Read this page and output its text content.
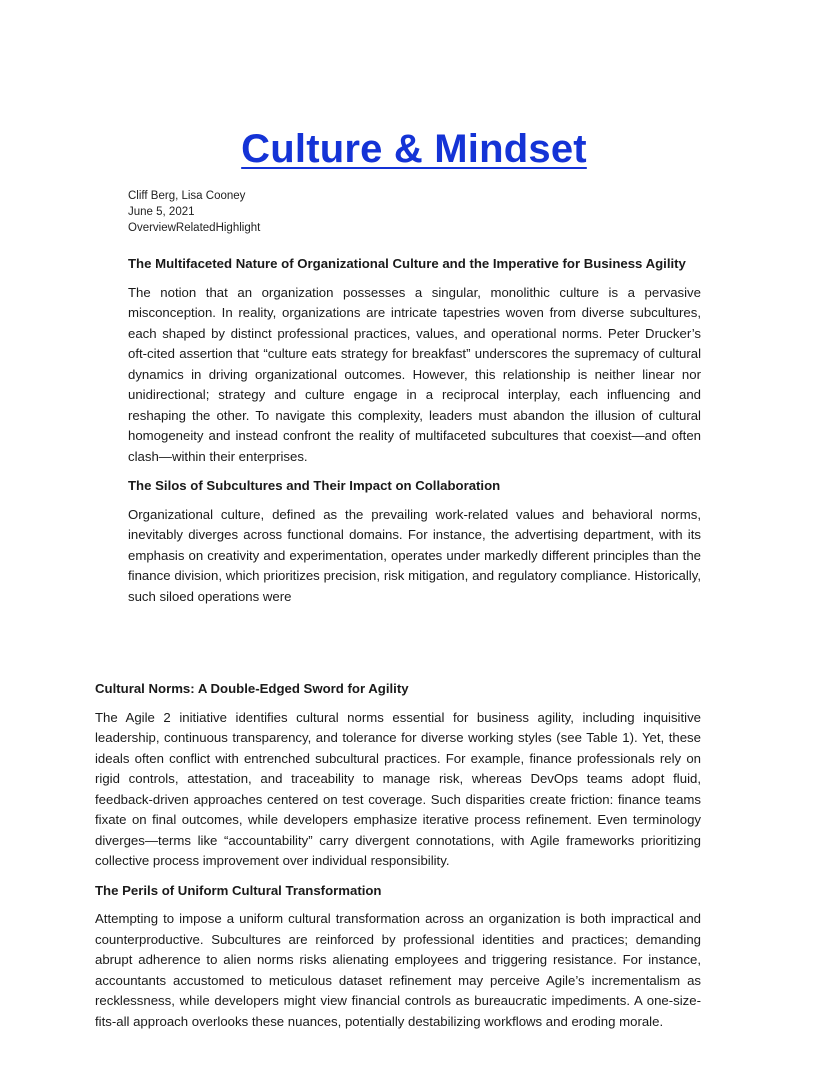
Culture & Mindset
Cliff Berg, Lisa Cooney
June 5, 2021
OverviewRelatedHighlight
The Multifaceted Nature of Organizational Culture and the Imperative for Business Agility

The notion that an organization possesses a singular, monolithic culture is a pervasive misconception. In reality, organizations are intricate tapestries woven from diverse subcultures, each shaped by distinct professional practices, values, and operational norms. Peter Drucker’s oft-cited assertion that “culture eats strategy for breakfast” underscores the supremacy of cultural dynamics in driving organizational outcomes. However, this relationship is neither linear nor unidirectional; strategy and culture engage in a reciprocal interplay, each influencing and reshaping the other. To navigate this complexity, leaders must abandon the illusion of cultural homogeneity and instead confront the reality of multifaceted subcultures that coexist—and often clash—within their enterprises.

The Silos of Subcultures and Their Impact on Collaboration

Organizational culture, defined as the prevailing work-related values and behavioral norms, inevitably diverges across functional domains. For instance, the advertising department, with its emphasis on creativity and experimentation, operates under markedly different principles than the finance division, which prioritizes precision, risk mitigation, and regulatory compliance. Historically, such siloed operations were

Cultural Norms: A Double-Edged Sword for Agility

The Agile 2 initiative identifies cultural norms essential for business agility, including inquisitive leadership, continuous transparency, and tolerance for diverse working styles (see Table 1). Yet, these ideals often conflict with entrenched subcultural practices. For example, finance professionals rely on rigid controls, attestation, and traceability to manage risk, whereas DevOps teams adopt fluid, feedback-driven approaches centered on test coverage. Such disparities create friction: finance teams fixate on final outcomes, while developers emphasize iterative process refinement. Even terminology diverges—terms like “accountability” carry divergent connotations, with Agile frameworks prioritizing collective process improvement over individual responsibility.

The Perils of Uniform Cultural Transformation

Attempting to impose a uniform cultural transformation across an organization is both impractical and counterproductive. Subcultures are reinforced by professional identities and practices; demanding abrupt adherence to alien norms risks alienating employees and triggering resistance. For instance, accountants accustomed to meticulous dataset refinement may perceive Agile’s incrementalism as recklessness, while developers might view financial controls as bureaucratic impediments. A one-size-fits-all approach overlooks these nuances, potentially destabilizing workflows and eroding morale.
